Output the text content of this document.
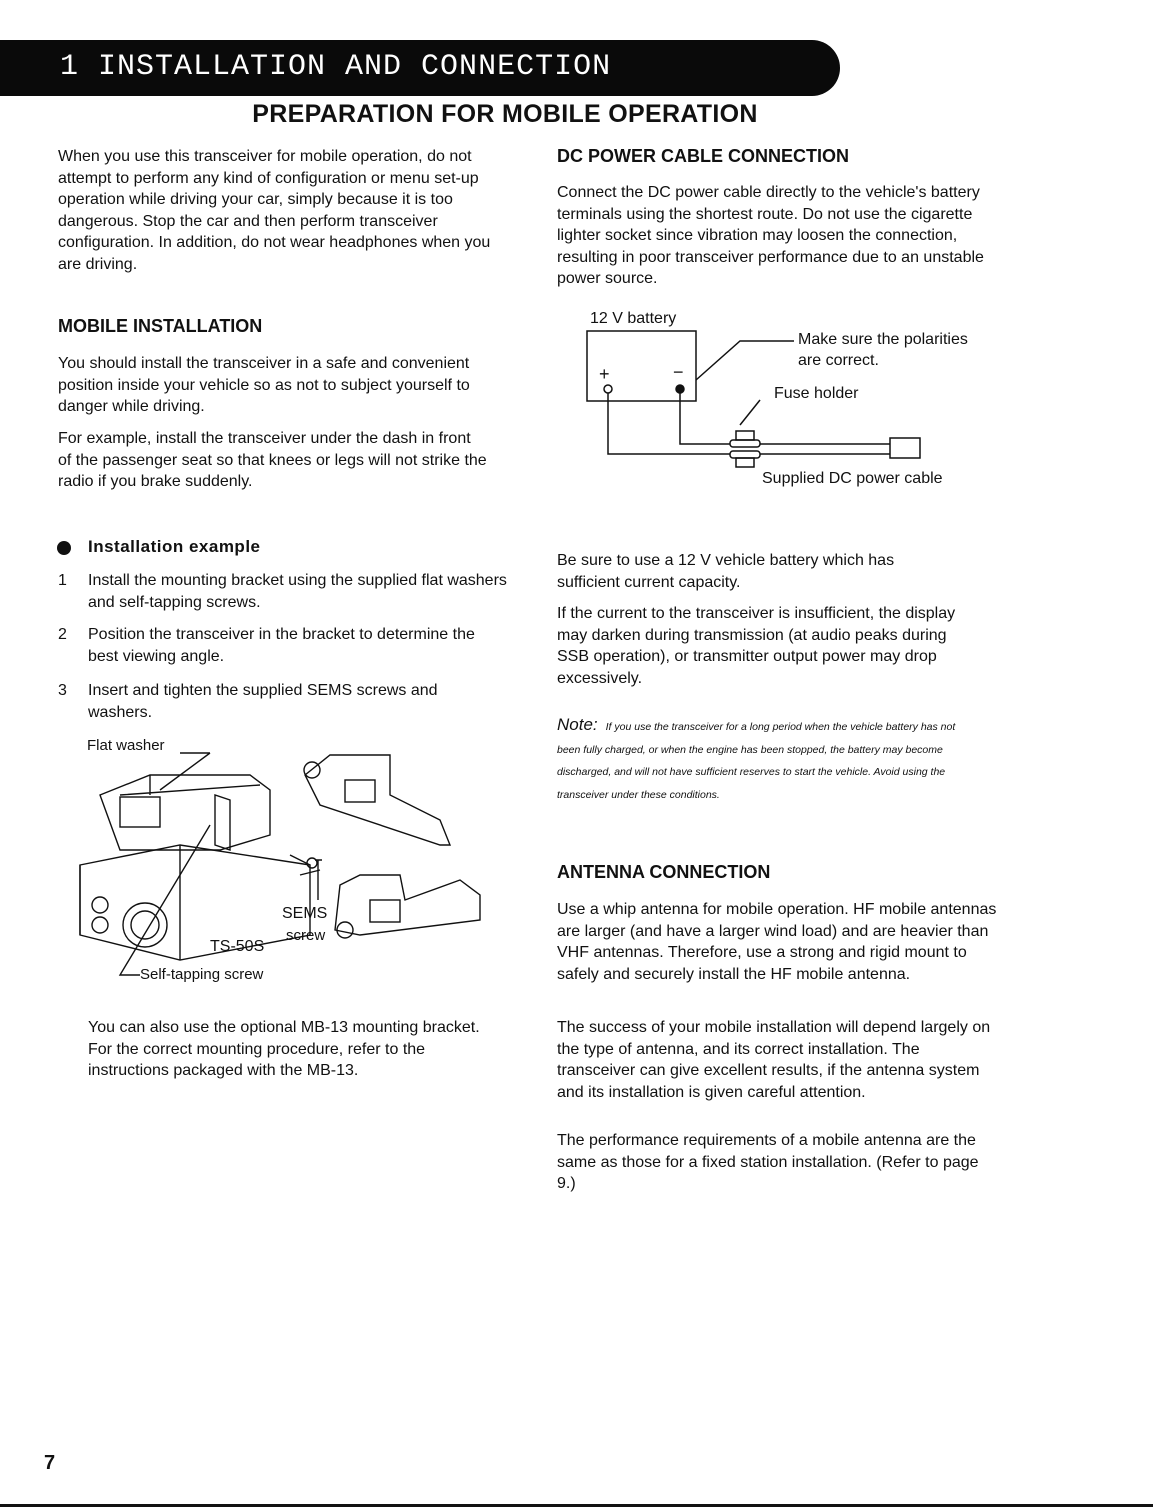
1 INSTALLATION AND CONNECTION
PREPARATION FOR MOBILE OPERATION

When you use this transceiver for mobile operation, do not attempt to perform any kind of configuration or menu set-up operation while driving your car, simply because it is too dangerous. Stop the car and then perform transceiver configuration. In addition, do not wear headphones when you are driving.

MOBILE INSTALLATION

You should install the transceiver in a safe and convenient position inside your vehicle so as not to subject yourself to danger while driving.

For example, install the transceiver under the dash in front of the passenger seat so that knees or legs will not strike the radio if you brake suddenly.

Installation example
1 Install the mounting bracket using the supplied flat washers and self-tapping screws.
2 Position the transceiver in the bracket to determine the best viewing angle.
3 Insert and tighten the supplied SEMS screws and washers.
Flat washer
SEMS
screw
TS-50S
Self-tapping screw

You can also use the optional MB-13 mounting bracket. For the correct mounting procedure, refer to the instructions packaged with the MB-13.

DC POWER CABLE CONNECTION

Connect the DC power cable directly to the vehicle's battery terminals using the shortest route. Do not use the cigarette lighter socket since vibration may loosen the connection, resulting in poor transceiver performance due to an unstable power source.

12 V battery
+	−
Make sure the polarities
are correct.
Fuse holder
Supplied DC power cable

Be sure to use a 12 V vehicle battery which has sufficient current capacity.

If the current to the transceiver is insufficient, the display may darken during transmission (at audio peaks during SSB operation), or transmitter output power may drop excessively.

Note: If you use the transceiver for a long period when the vehicle battery has not been fully charged, or when the engine has been stopped, the battery may become discharged, and will not have sufficient reserves to start the vehicle. Avoid using the transceiver under these conditions.
ANTENNA CONNECTION

Use a whip antenna for mobile operation. HF mobile antennas are larger (and have a larger wind load) and are heavier than VHF antennas. Therefore, use a strong and rigid mount to safely and securely install the HF mobile antenna.

The success of your mobile installation will depend largely on the type of antenna, and its correct installation. The transceiver can give excellent results, if the antenna system and its installation is given careful attention.

The performance requirements of a mobile antenna are the same as those for a fixed station installation. (Refer to page 9.)

7
